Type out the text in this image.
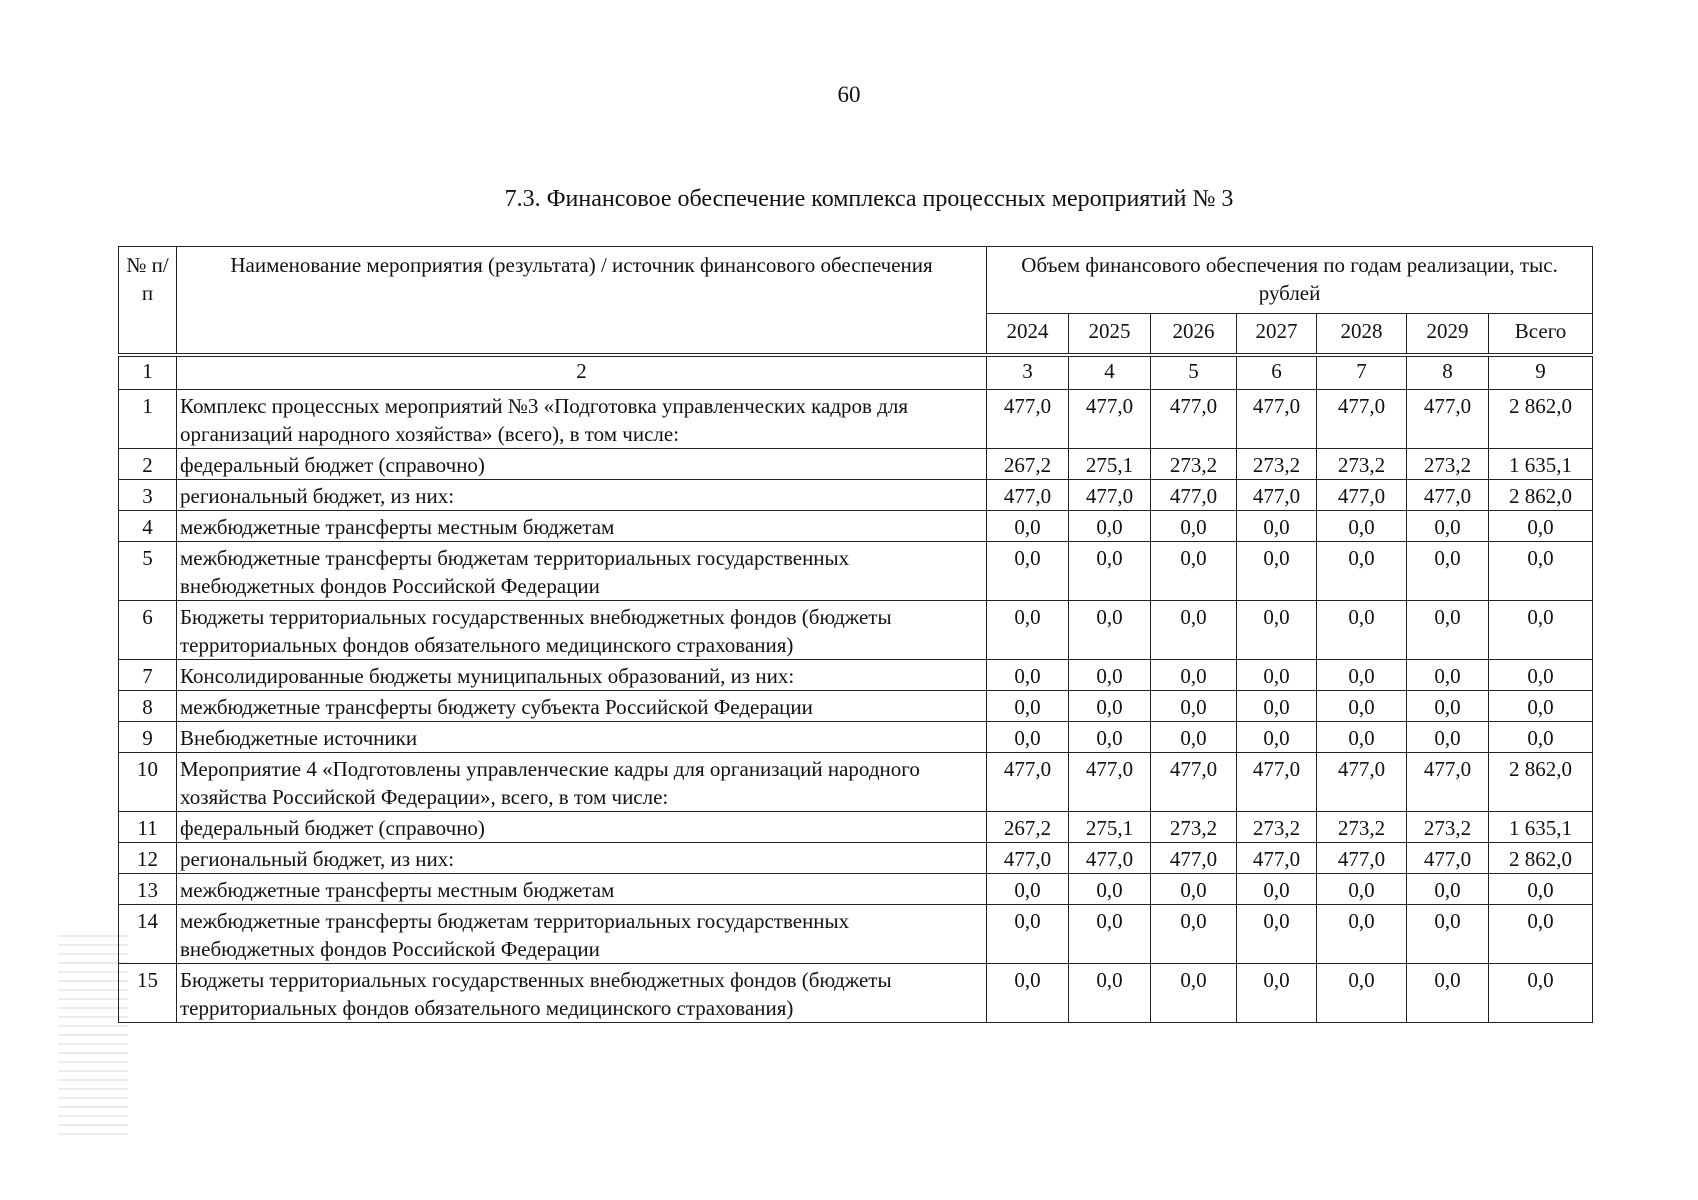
60
7.3. Финансовое обеспечение комплекса процессных мероприятий № 3
№ п/п	Наименование мероприятия (результата) / источник финансового обеспечения	Объем финансового обеспечения по годам реализации, тыс. рублей						
		2024	2025	2026	2027	2028	2029	Всего
1	2	3	4	5	6	7	8	9
1	Комплекс процессных мероприятий №3 «Подготовка управленческих кадров для организаций народного хозяйства» (всего), в том числе:	477,0	477,0	477,0	477,0	477,0	477,0	2 862,0
2	федеральный бюджет (справочно)	267,2	275,1	273,2	273,2	273,2	273,2	1 635,1
3	региональный бюджет, из них:	477,0	477,0	477,0	477,0	477,0	477,0	2 862,0
4	межбюджетные трансферты местным бюджетам	0,0	0,0	0,0	0,0	0,0	0,0	0,0
5	межбюджетные трансферты бюджетам территориальных государственных внебюджетных фондов Российской Федерации	0,0	0,0	0,0	0,0	0,0	0,0	0,0
6	Бюджеты территориальных государственных внебюджетных фондов (бюджеты территориальных фондов обязательного медицинского страхования)	0,0	0,0	0,0	0,0	0,0	0,0	0,0
7	Консолидированные бюджеты муниципальных образований, из них:	0,0	0,0	0,0	0,0	0,0	0,0	0,0
8	межбюджетные трансферты бюджету субъекта Российской Федерации	0,0	0,0	0,0	0,0	0,0	0,0	0,0
9	Внебюджетные источники	0,0	0,0	0,0	0,0	0,0	0,0	0,0
10	Мероприятие 4 «Подготовлены управленческие кадры для организаций народного хозяйства Российской Федерации», всего, в том числе:	477,0	477,0	477,0	477,0	477,0	477,0	2 862,0
11	федеральный бюджет (справочно)	267,2	275,1	273,2	273,2	273,2	273,2	1 635,1
12	региональный бюджет, из них:	477,0	477,0	477,0	477,0	477,0	477,0	2 862,0
13	межбюджетные трансферты местным бюджетам	0,0	0,0	0,0	0,0	0,0	0,0	0,0
14	межбюджетные трансферты бюджетам территориальных государственных внебюджетных фондов Российской Федерации	0,0	0,0	0,0	0,0	0,0	0,0	0,0
15	Бюджеты территориальных государственных внебюджетных фондов (бюджеты территориальных фондов обязательного медицинского страхования)	0,0	0,0	0,0	0,0	0,0	0,0	0,0
